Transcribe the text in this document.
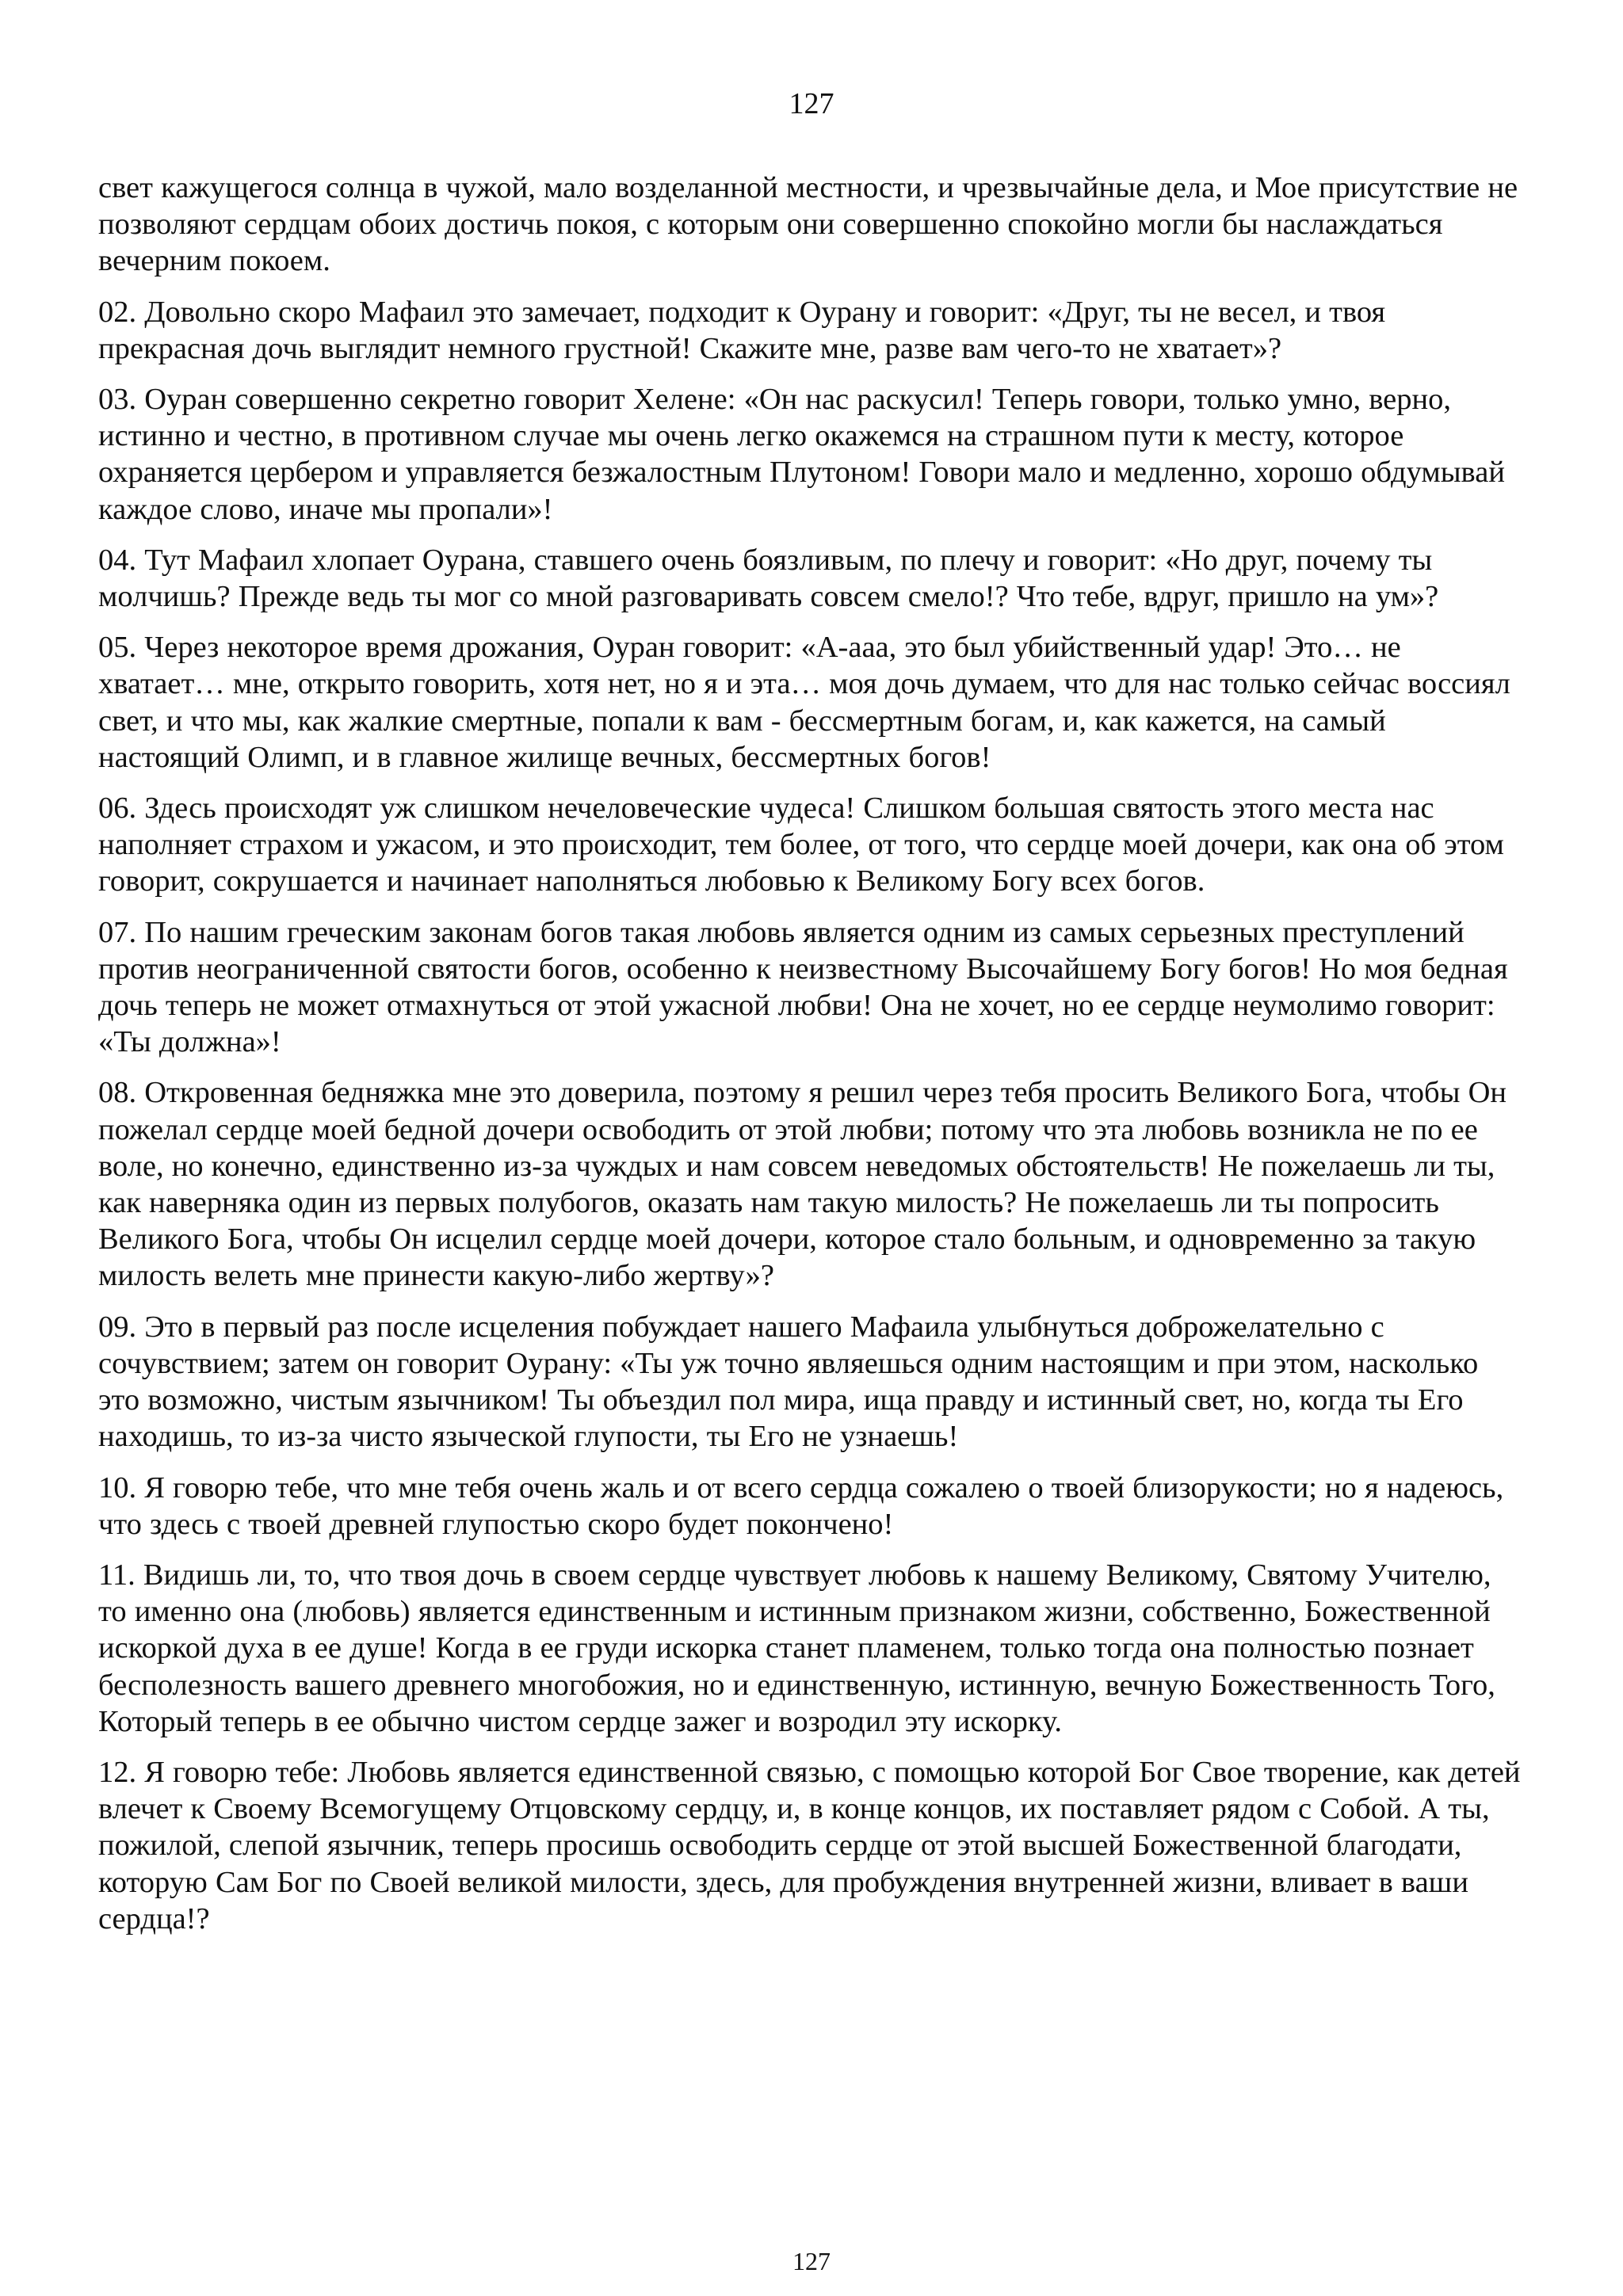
127

свет кажущегося солнца в чужой, мало возделанной местности, и чрезвычайные дела, и Мое присутствие не позволяют сердцам обоих достичь покоя, с которым они совершенно спокойно могли бы наслаждаться вечерним покоем.

02. Довольно скоро Мафаил это замечает, подходит к Оурану и говорит: «Друг, ты не весел, и твоя прекрасная дочь выглядит немного грустной! Скажите мне, разве вам чего-то не хватает»?

03. Оуран совершенно секретно говорит Хелене: «Он нас раскусил! Теперь говори, только умно, верно, истинно и честно, в противном случае мы очень легко окажемся на страшном пути к месту, которое охраняется цербером и управляется безжалостным Плутоном! Говори мало и медленно, хорошо обдумывай каждое слово, иначе мы пропали»!

04. Тут Мафаил хлопает Оурана, ставшего очень боязливым, по плечу и говорит: «Но друг, почему ты молчишь? Прежде ведь ты мог со мной разговаривать совсем смело!? Что тебе, вдруг, пришло на ум»?

05. Через некоторое время дрожания, Оуран говорит: «А-ааа, это был убийственный удар! Это… не хватает… мне, открыто говорить, хотя нет, но я и эта… моя дочь думаем, что для нас только сейчас воссиял свет, и что мы, как жалкие смертные, попали к вам - бессмертным богам, и, как кажется, на самый настоящий Олимп, и в главное жилище вечных, бессмертных богов!

06. Здесь происходят уж слишком нечеловеческие чудеса! Слишком большая святость этого места нас наполняет страхом и ужасом, и это происходит, тем более, от того, что сердце моей дочери, как она об этом говорит, сокрушается и начинает наполняться любовью к Великому Богу всех богов.

07. По нашим греческим законам богов такая любовь является одним из самых серьезных преступлений против неограниченной святости богов, особенно к неизвестному Высочайшему Богу богов! Но моя бедная дочь теперь не может отмахнуться от этой ужасной любви! Она не хочет, но ее сердце неумолимо говорит: «Ты должна»!

08. Откровенная бедняжка мне это доверила, поэтому я решил через тебя просить Великого Бога, чтобы Он пожелал сердце моей бедной дочери освободить от этой любви; потому что эта любовь возникла не по ее воле, но конечно, единственно из-за чуждых и нам совсем неведомых обстоятельств! Не пожелаешь ли ты, как наверняка один из первых полубогов, оказать нам такую милость? Не пожелаешь ли ты попросить Великого Бога, чтобы Он исцелил сердце моей дочери, которое стало больным, и одновременно за такую милость велеть мне принести какую-либо жертву»?

09. Это в первый раз после исцеления побуждает нашего Мафаила улыбнуться доброжелательно с сочувствием; затем он говорит Оурану: «Ты уж точно являешься одним настоящим и при этом, насколько это возможно, чистым язычником! Ты объездил пол мира, ища правду и истинный свет, но, когда ты Его находишь, то из-за чисто языческой глупости, ты Его не узнаешь!

10. Я говорю тебе, что мне тебя очень жаль и от всего сердца сожалею о твоей близорукости; но я надеюсь, что здесь с твоей древней глупостью скоро будет покончено!

11. Видишь ли, то, что твоя дочь в своем сердце чувствует любовь к нашему Великому, Святому Учителю, то именно она (любовь) является единственным и истинным признаком жизни, собственно, Божественной искоркой духа в ее душе! Когда в ее груди искорка станет пламенем, только тогда она полностью познает бесполезность вашего древнего многобожия, но и единственную, истинную, вечную Божественность Того, Который теперь в ее обычно чистом сердце зажег и возродил эту искорку.

12. Я говорю тебе: Любовь является единственной связью, с помощью которой Бог Свое творение, как детей влечет к Своему Всемогущему Отцовскому сердцу, и, в конце концов, их поставляет рядом с Собой. А ты, пожилой, слепой язычник, теперь просишь освободить сердце от этой высшей Божественной благодати, которую Сам Бог по Своей великой милости, здесь, для пробуждения внутренней жизни, вливает в ваши сердца!?

127
